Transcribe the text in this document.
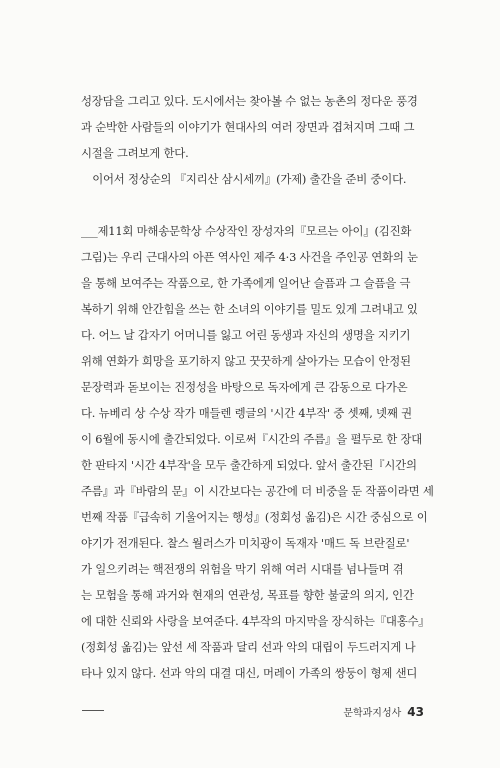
성장담을 그리고 있다. 도시에서는 찾아볼 수 없는 농촌의 정다운 풍경
과 순박한 사람들의 이야기가 현대사의 여러 장면과 겹쳐지며 그때 그
시절을 그려보게 한다.
　이어서 정상순의 『지리산 삼시세끼』(가제) 출간을 준비 중이다.
___제11회 마해송문학상 수상작인 장성자의『모르는 아이』(김진화
그림)는 우리 근대사의 아픈 역사인 제주 4·3 사건을 주인공 연화의 눈
을 통해 보여주는 작품으로, 한 가족에게 일어난 슬픔과 그 슬픔을 극
복하기 위해 안간힘을 쓰는 한 소녀의 이야기를 밀도 있게 그려내고 있
다. 어느 날 갑자기 어머니를 잃고 어린 동생과 자신의 생명을 지키기
위해 연화가 희망을 포기하지 않고 꿋꿋하게 살아가는 모습이 안정된
문장력과 돋보이는 진정성을 바탕으로 독자에게 큰 감동으로 다가온
다. 뉴베리 상 수상 작가 매들렌 렝글의 '시간 4부작' 중 셋째, 넷째 권
이 6월에 동시에 출간되었다. 이로써『시간의 주름』을 펼두로 한 장대
한 판타지 '시간 4부작'을 모두 출간하게 되었다. 앞서 출간된『시간의
주름』과『바람의 문』이 시간보다는 공간에 더 비중을 둔 작품이라면 세
번째 작품『급속히 기울어지는 행성』(정회성 옮김)은 시간 중심으로 이
야기가 전개된다. 찰스 월러스가 미치광이 독재자 '매드 독 브란질로'
가 일으키려는 핵전쟁의 위험을 막기 위해 여러 시대를 넘나들며 겪
는 모험을 통해 과거와 현재의 연관성, 목표를 향한 불굴의 의지, 인간
에 대한 신뢰와 사랑을 보여준다. 4부작의 마지막을 장식하는『대홍수』
(정회성 옮김)는 앞선 세 작품과 달리 선과 악의 대립이 두드러지게 나
타나 있지 않다. 선과 악의 대결 대신, 머레이 가족의 쌍둥이 형제 샌디
문학과지성사 43
